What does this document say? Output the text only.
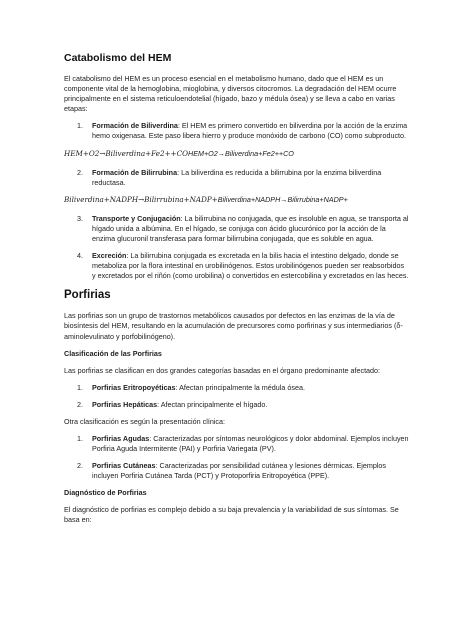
Catabolismo del HEM

El catabolismo del HEM es un proceso esencial en el metabolismo humano, dado que el HEM es un componente vital de la hemoglobina, mioglobina, y diversos citocromos. La degradación del HEM ocurre principalmente en el sistema reticuloendotelial (hígado, bazo y médula ósea) y se lleva a cabo en varias etapas:

1. Formación de Biliverdina: El HEM es primero convertido en biliverdina por la acción de la enzima hemo oxigenasa. Este paso libera hierro y produce monóxido de carbono (CO) como subproducto.
HEM+O2→Biliverdina+Fe2++COHEM+O2→Biliverdina+Fe2++CO
2. Formación de Bilirrubina: La biliverdina es reducida a bilirrubina por la enzima biliverdina reductasa.
Biliverdina+NADPH→Bilirrubina+NADP+Biliverdina+NADPH→Bilirrubina+NADP+
3. Transporte y Conjugación: La bilirrubina no conjugada, que es insoluble en agua, se transporta al hígado unida a albúmina. En el hígado, se conjuga con ácido glucurónico por la acción de la enzima glucuronil transferasa para formar bilirrubina conjugada, que es soluble en agua.
4. Excreción: La bilirrubina conjugada es excretada en la bilis hacia el intestino delgado, donde se metaboliza por la flora intestinal en urobilinógenos. Estos urobilinógenos pueden ser reabsorbidos y excretados por el riñón (como urobilina) o convertidos en estercobilina y excretados en las heces.
Porfirias

Las porfirias son un grupo de trastornos metabólicos causados por defectos en las enzimas de la vía de biosíntesis del HEM, resultando en la acumulación de precursores como porfirinas y sus intermediarios (δ-aminolevulinato y porfobilinógeno).

Clasificación de las Porfirias

Las porfirias se clasifican en dos grandes categorías basadas en el órgano predominante afectado:

1. Porfirias Eritropoyéticas: Afectan principalmente la médula ósea.
2. Porfirias Hepáticas: Afectan principalmente el hígado.

Otra clasificación es según la presentación clínica:

1. Porfirias Agudas: Caracterizadas por síntomas neurológicos y dolor abdominal. Ejemplos incluyen Porfiria Aguda Intermitente (PAI) y Porfiria Variegata (PV).
2. Porfirias Cutáneas: Caracterizadas por sensibilidad cutánea y lesiones dérmicas. Ejemplos incluyen Porfiria Cutánea Tarda (PCT) y Protoporfiria Eritropoyética (PPE).
Diagnóstico de Porfirias

El diagnóstico de porfirias es complejo debido a su baja prevalencia y la variabilidad de sus síntomas. Se basa en:
